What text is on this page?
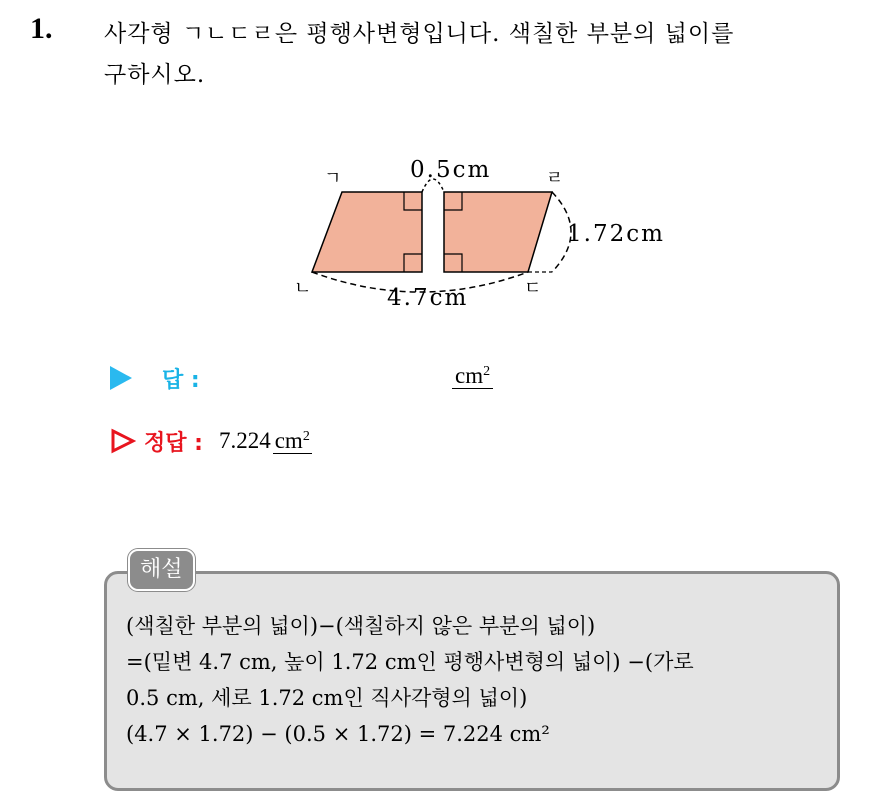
1. 사각형 ㄱㄴㄷㄹ은 평행사변형입니다. 색칠한 부분의 넓이를
구하시오.
ㄱ
ㄴ	ㄷ
ㄹ
0.5cm
1.72cm
4.7cm
답 :	$cm^2$
정답 : 7.224 $cm^2$
해설
(색칠한 부분의 넓이)−(색칠하지 않은 부분의 넓이)
=(밑변 4.7 cm, 높이 1.72 cm인 평행사변형의 넓이) −(가로
0.5 cm, 세로 1.72 cm인 직사각형의 넓이)
(4.7 × 1.72) − (0.5 × 1.72) = 7.224 cm²
